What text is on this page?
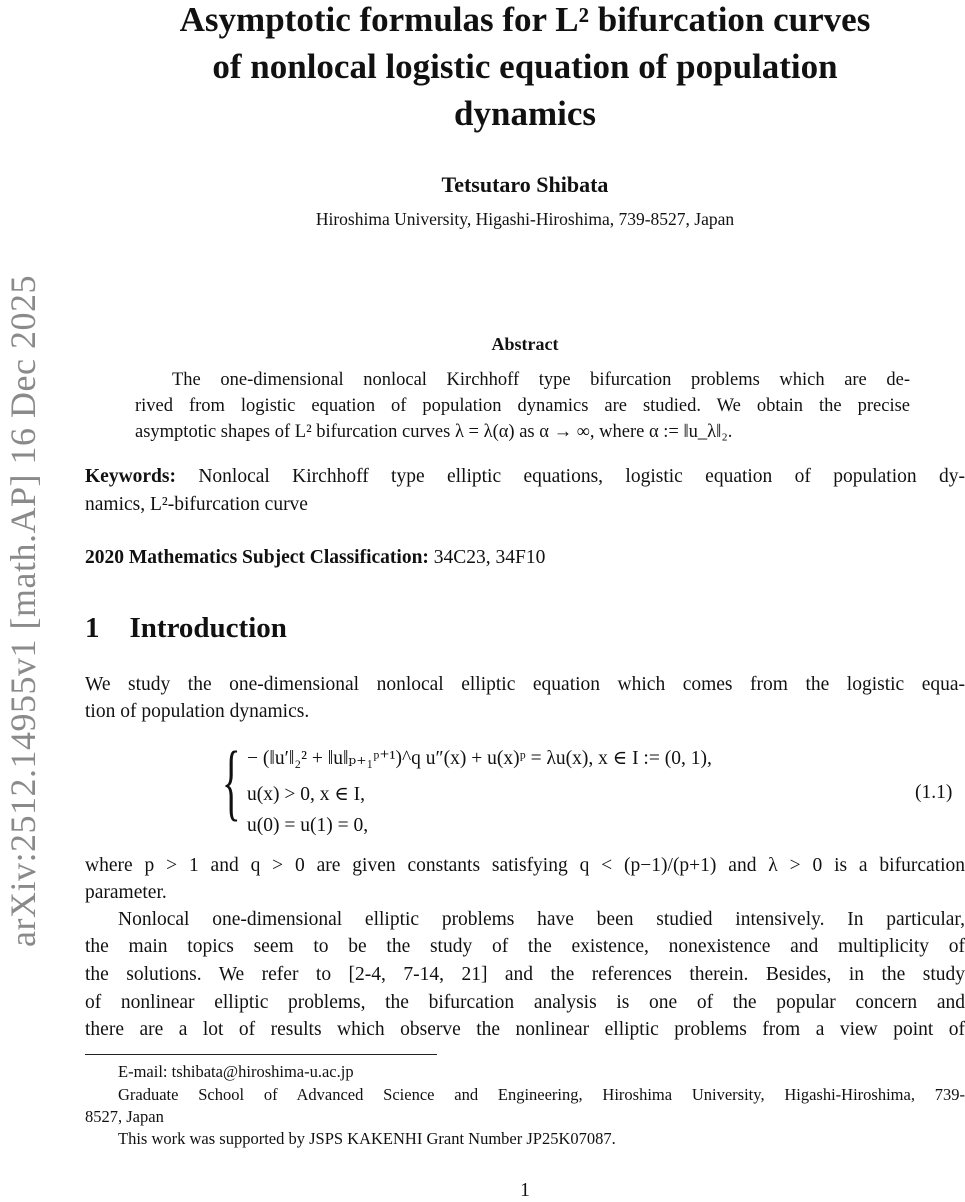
arXiv:2512.14955v1 [math.AP] 16 Dec 2025
Asymptotic formulas for L² bifurcation curves
of nonlocal logistic equation of population
dynamics
Tetsutaro Shibata
Hiroshima University, Higashi-Hiroshima, 739-8527, Japan
Abstract
The one-dimensional nonlocal Kirchhoff type bifurcation problems which are de-
rived from logistic equation of population dynamics are studied. We obtain the precise
asymptotic shapes of L² bifurcation curves λ = λ(α) as α → ∞, where α := ‖u_λ‖₂.
Keywords: Nonlocal Kirchhoff type elliptic equations, logistic equation of population dy-
namics, L²-bifurcation curve
2020 Mathematics Subject Classification: 34C23, 34F10
1 Introduction
We study the one-dimensional nonlocal elliptic equation which comes from the logistic equa-
tion of population dynamics.
{ − (‖u′‖₂² + ‖u‖ₚ₊₁ᵖ⁺¹)^q u″(x) + u(x)ᵖ = λu(x), x ∈ I := (0, 1),
u(x) > 0, x ∈ I,
u(0) = u(1) = 0,
(1.1)
where p > 1 and q > 0 are given constants satisfying q < (p−1)/(p+1) and λ > 0 is a bifurcation
parameter.
Nonlocal one-dimensional elliptic problems have been studied intensively. In particular,
the main topics seem to be the study of the existence, nonexistence and multiplicity of
the solutions. We refer to [2-4, 7-14, 21] and the references therein. Besides, in the study
of nonlinear elliptic problems, the bifurcation analysis is one of the popular concern and
there are a lot of results which observe the nonlinear elliptic problems from a view point of
E-mail: tshibata@hiroshima-u.ac.jp
Graduate School of Advanced Science and Engineering, Hiroshima University, Higashi-Hiroshima, 739-
8527, Japan
This work was supported by JSPS KAKENHI Grant Number JP25K07087.
1
